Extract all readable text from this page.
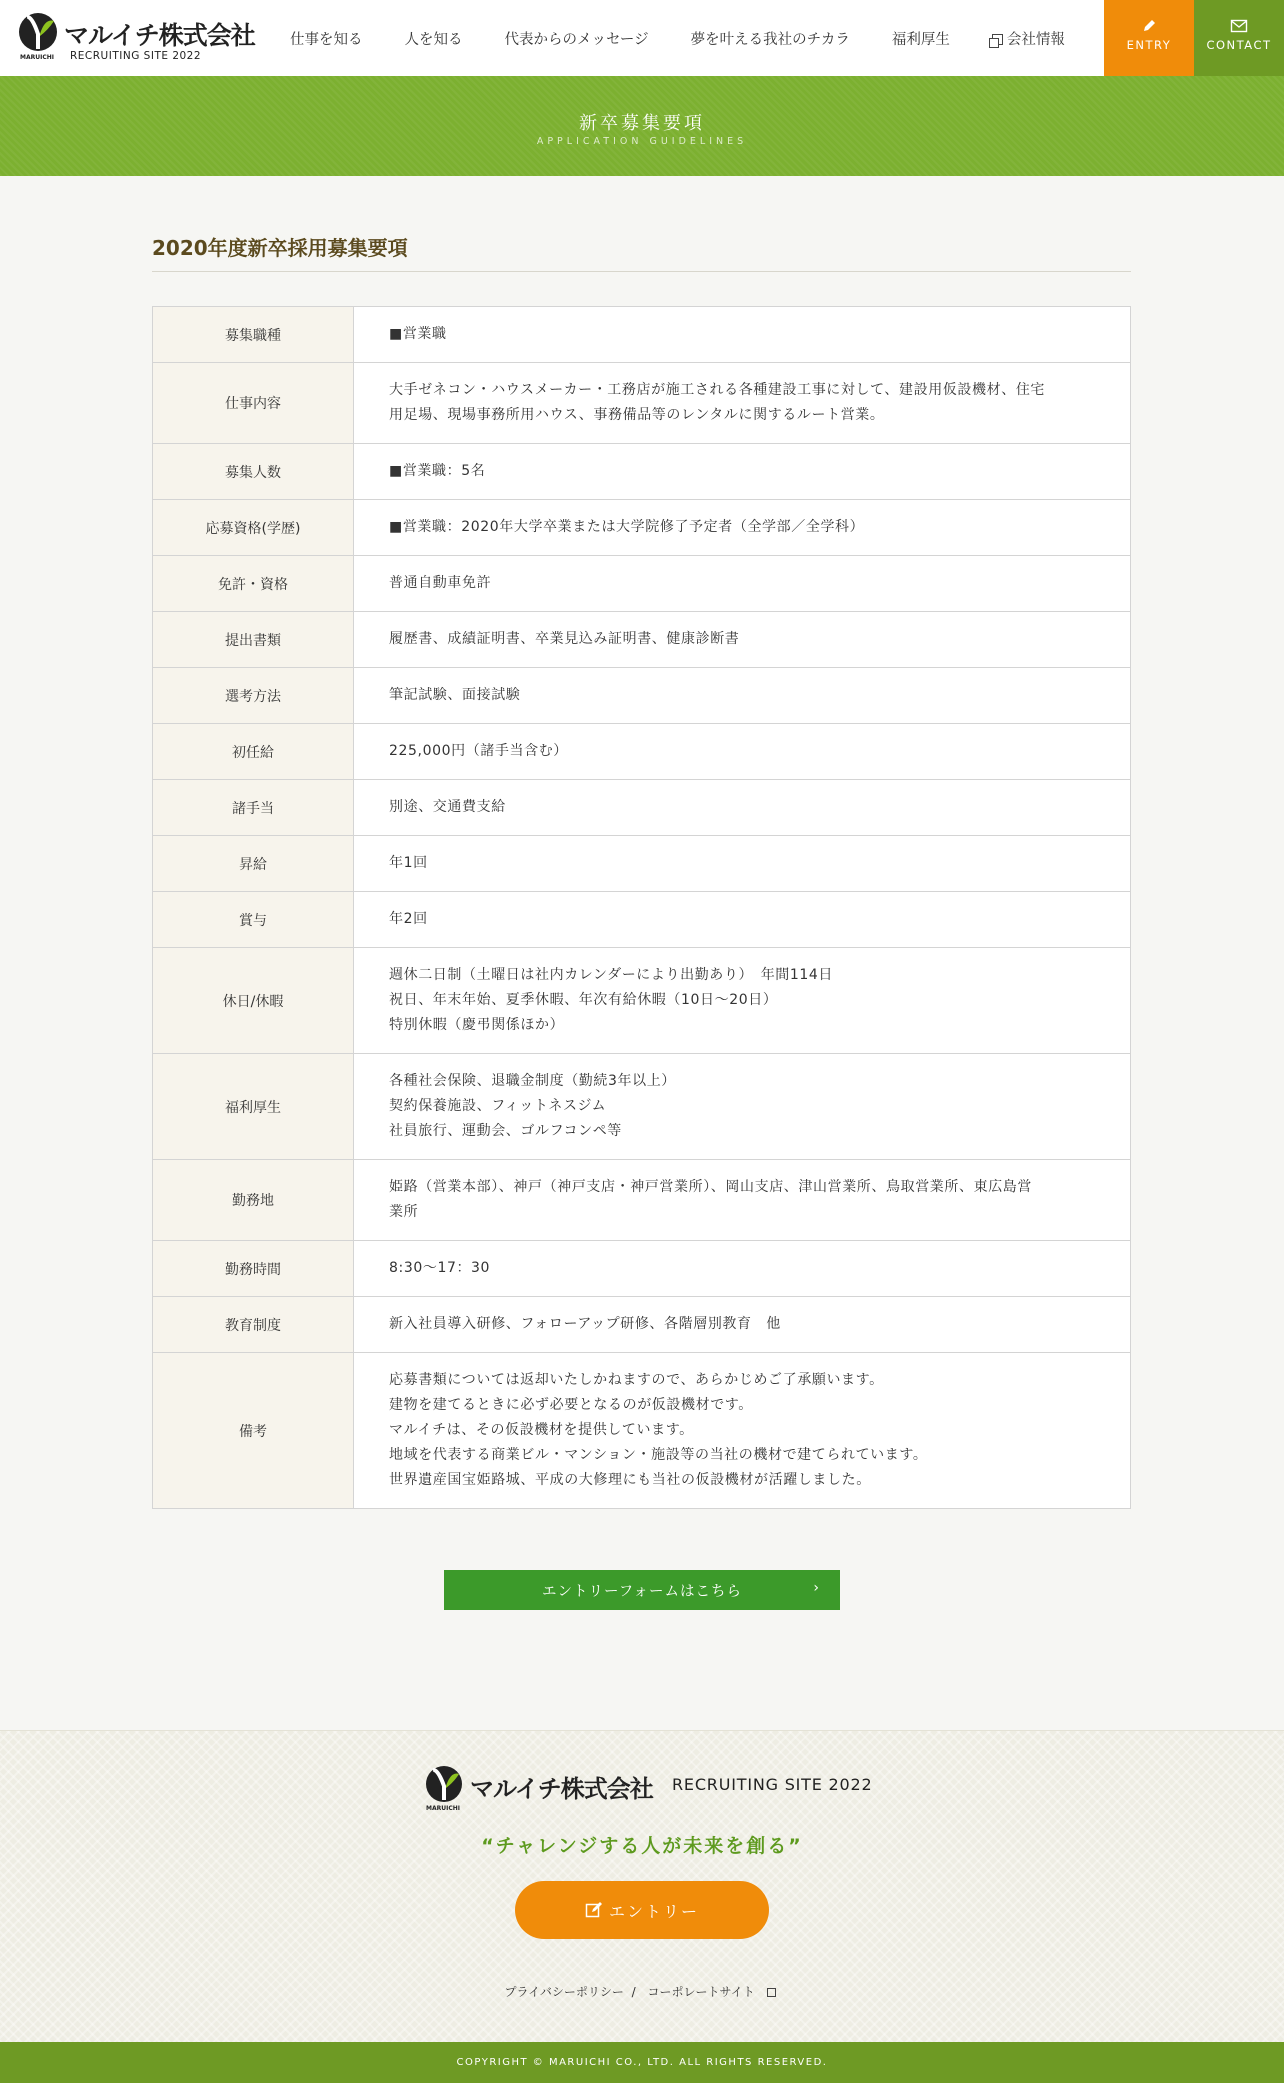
MARUICHI
マルイチ株式会社
RECRUITING SITE 2022
仕事を知る	人を知る	代表からのメッセージ	夢を叶える我社のチカラ	福利厚生	会社情報	ENTRY	CONTACT
新卒募集要項
APPLICATION GUIDELINES
2020年度新卒採用募集要項
募集職種	■営業職

仕事内容	大手ゼネコン・ハウスメーカー・工務店が施工される各種建設工事に対して、建設用仮設機材、住宅
用足場、現場事務所用ハウス、事務備品等のレンタルに関するルート営業。

募集人数	■営業職：5名

応募資格(学歴)	■営業職：2020年大学卒業または大学院修了予定者（全学部／全学科）

免許・資格	普通自動車免許

提出書類	履歴書、成績証明書、卒業見込み証明書、健康診断書

選考方法	筆記試験、面接試験

初任給	225,000円（諸手当含む）

諸手当	別途、交通費支給

昇給	年1回

賞与	年2回

休日/休暇	週休二日制（土曜日は社内カレンダーにより出勤あり）　年間114日
祝日、年末年始、夏季休暇、年次有給休暇（10日～20日）
特別休暇（慶弔関係ほか）

福利厚生	各種社会保険、退職金制度（勤続3年以上）
契約保養施設、フィットネスジム
社員旅行、運動会、ゴルフコンペ等

勤務地	姫路（営業本部）、神戸（神戸支店・神戸営業所）、岡山支店、津山営業所、鳥取営業所、東広島営
業所

勤務時間	8:30～17：30

教育制度	新入社員導入研修、フォローアップ研修、各階層別教育　他

備考	応募書類については返却いたしかねますので、あらかじめご了承願います。
建物を建てるときに必ず必要となるのが仮設機材です。
マルイチは、その仮設機材を提供しています。
地域を代表する商業ビル・マンション・施設等の当社の機材で建てられています。
世界遺産国宝姫路城、平成の大修理にも当社の仮設機材が活躍しました。
エントリーフォームはこちら	›
MARUICHI
マルイチ株式会社 RECRUITING SITE 2022
“チャレンジする人が未来を創る”
エントリー
プライバシーポリシー / コーポレートサイト
COPYRIGHT © MARUICHI CO., LTD. ALL RIGHTS RESERVED.
